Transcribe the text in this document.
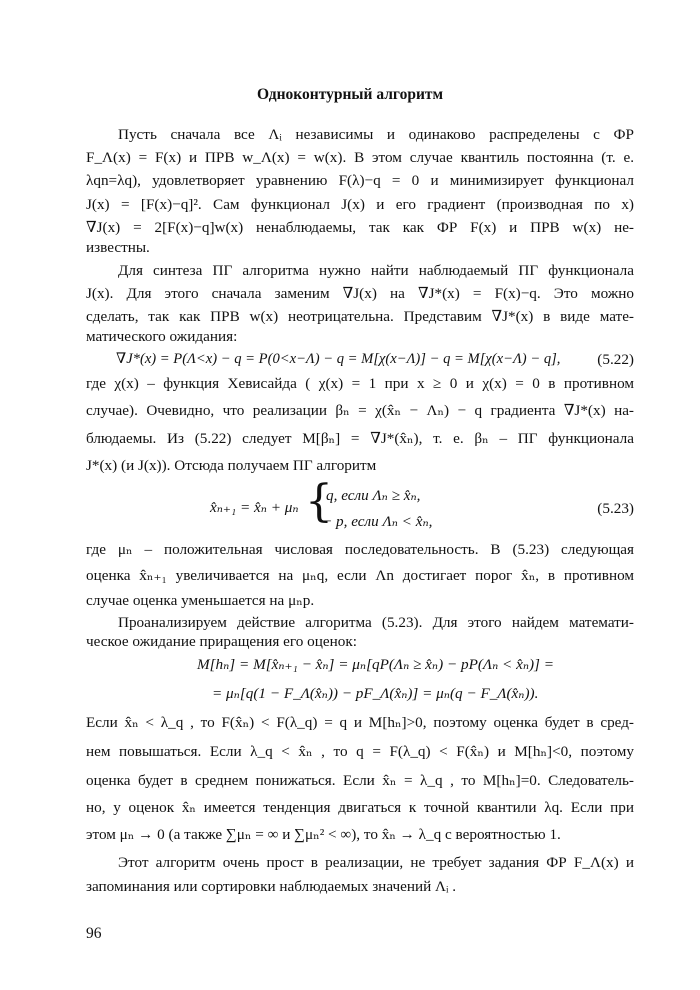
Одноконтурный алгоритм
Пусть сначала все Λᵢ независимы и одинаково распределены с ФР
F_Λ(x) = F(x) и ПРВ w_Λ(x) = w(x). В этом случае квантиль постоянна (т. е.
λqn=λq), удовлетворяет уравнению F(λ)−q = 0 и минимизирует функционал
J(x) = [F(x)−q]². Сам функционал J(x) и его градиент (производная по x)
∇J(x) = 2[F(x)−q]w(x) ненаблюдаемы, так как ФР F(x) и ПРВ w(x) не-
известны.
Для синтеза ПГ алгоритма нужно найти наблюдаемый ПГ функционала
J(x). Для этого сначала заменим ∇J(x) на ∇J*(x) = F(x)−q. Это можно
сделать, так как ПРВ w(x) неотрицательна. Представим ∇J*(x) в виде мате-
матического ожидания:
∇J*(x) = P(Λ<x) − q = P(0<x−Λ) − q = M[χ(x−Λ)] − q = M[χ(x−Λ) − q], (5.22)
где χ(x) – функция Хевисайда ( χ(x) = 1 при x ≥ 0 и χ(x) = 0 в противном
случае). Очевидно, что реализации βₙ = χ(x̂ₙ − Λₙ) − q градиента ∇J*(x) на-
блюдаемы. Из (5.22) следует M[βₙ] = ∇J*(x̂ₙ), т. е. βₙ – ПГ функционала
J*(x) (и J(x)). Отсюда получаем ПГ алгоритм
x̂ₙ₊₁ = x̂ₙ + μₙ {
q, если Λₙ ≥ x̂ₙ,
− p, если Λₙ < x̂ₙ,
(5.23)
где μₙ – положительная числовая последовательность. В (5.23) следующая
оценка x̂ₙ₊₁ увеличивается на μₙq, если Λn достигает порог x̂ₙ, в противном
случае оценка уменьшается на μₙp.
Проанализируем действие алгоритма (5.23). Для этого найдем математи-
ческое ожидание приращения его оценок:
M[hₙ] = M[x̂ₙ₊₁ − x̂ₙ] = μₙ[qP(Λₙ ≥ x̂ₙ) − pP(Λₙ < x̂ₙ)] =
= μₙ[q(1 − F_Λ(x̂ₙ)) − pF_Λ(x̂ₙ)] = μₙ(q − F_Λ(x̂ₙ)).
Если x̂ₙ < λ_q , то F(x̂ₙ) < F(λ_q) = q и M[hₙ]>0, поэтому оценка будет в сред-
нем повышаться. Если λ_q < x̂ₙ , то q = F(λ_q) < F(x̂ₙ) и M[hₙ]<0, поэтому
оценка будет в среднем понижаться. Если x̂ₙ = λ_q , то M[hₙ]=0. Следователь-
но, у оценок x̂ₙ имеется тенденция двигаться к точной квантили λq. Если при
этом μₙ → 0 (а также ∑μₙ = ∞ и ∑μₙ² < ∞), то x̂ₙ → λ_q с вероятностью 1.
Этот алгоритм очень прост в реализации, не требует задания ФР F_Λ(x) и
запоминания или сортировки наблюдаемых значений Λᵢ .
96
